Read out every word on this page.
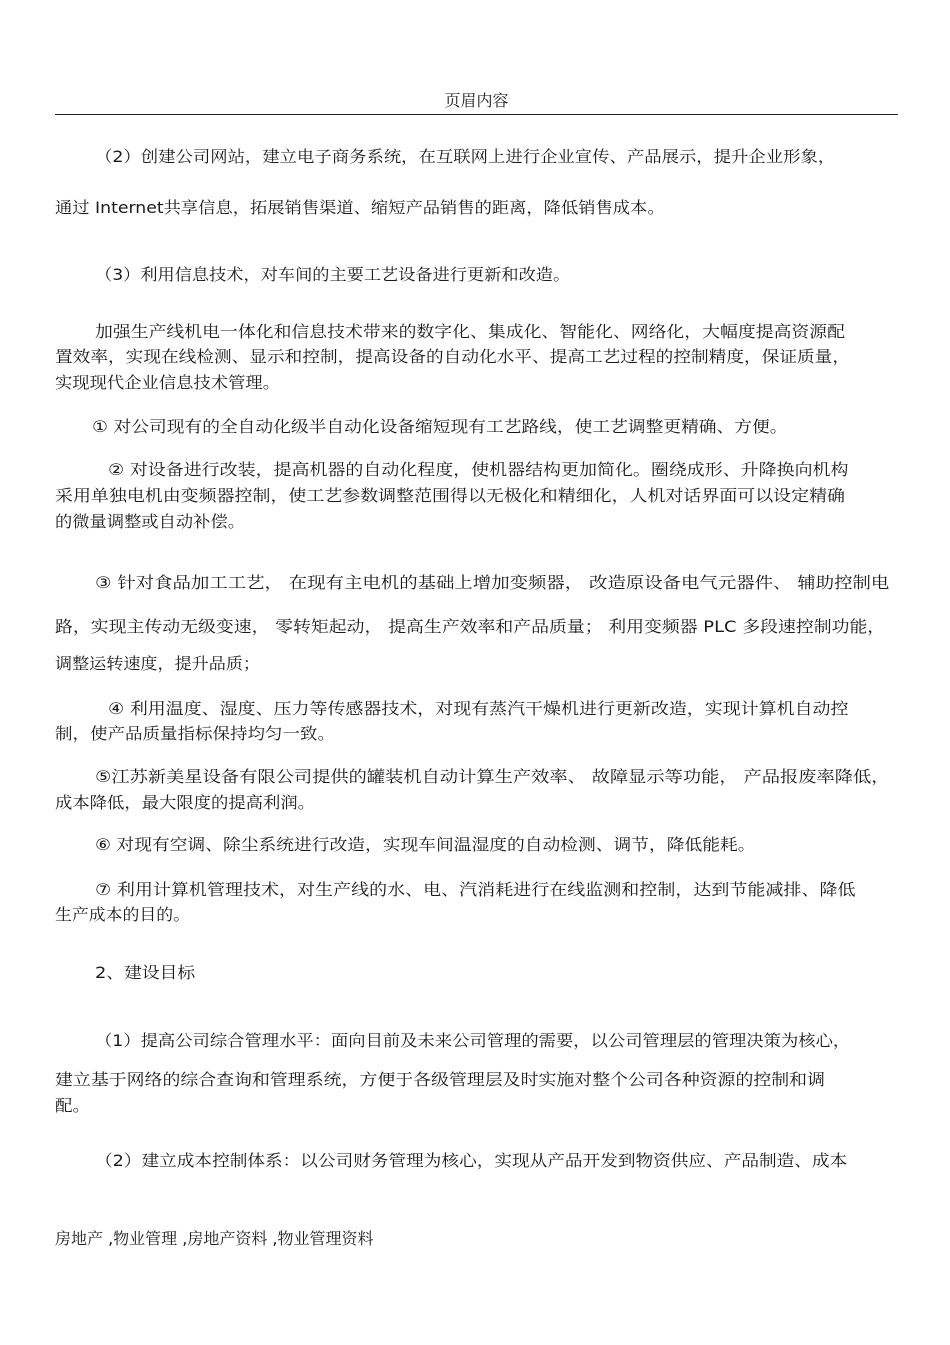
页眉内容
（2）创建公司网站，建立电子商务系统，在互联网上进行企业宣传、产品展示，提升企业形象，
通过 Internet共享信息，拓展销售渠道、缩短产品销售的距离，降低销售成本。
（3）利用信息技术，对车间的主要工艺设备进行更新和改造。
加强生产线机电一体化和信息技术带来的数字化、集成化、智能化、网络化，大幅度提高资源配
置效率，实现在线检测、显示和控制，提高设备的自动化水平、提高工艺过程的控制精度，保证质量，
实现现代企业信息技术管理。
① 对公司现有的全自动化级半自动化设备缩短现有工艺路线，使工艺调整更精确、方便。
② 对设备进行改装，提高机器的自动化程度，使机器结构更加简化。圈绕成形、升降换向机构
采用单独电机由变频器控制，使工艺参数调整范围得以无极化和精细化，人机对话界面可以设定精确
的微量调整或自动补偿。
③ 针对食品加工工艺， 在现有主电机的基础上增加变频器， 改造原设备电气元器件、 辅助控制电
路，实现主传动无级变速， 零转矩起动， 提高生产效率和产品质量； 利用变频器 PLC 多段速控制功能，
调整运转速度，提升品质；
④ 利用温度、湿度、压力等传感器技术，对现有蒸汽干燥机进行更新改造，实现计算机自动控
制，使产品质量指标保持均匀一致。
⑤江苏新美星设备有限公司提供的罐装机自动计算生产效率、 故障显示等功能， 产品报废率降低，
成本降低，最大限度的提高利润。
⑥ 对现有空调、除尘系统进行改造，实现车间温湿度的自动检测、调节，降低能耗。
⑦ 利用计算机管理技术，对生产线的水、电、汽消耗进行在线监测和控制，达到节能减排、降低
生产成本的目的。
2、建设目标
（1）提高公司综合管理水平：面向目前及未来公司管理的需要，以公司管理层的管理决策为核心，
建立基于网络的综合查询和管理系统，方便于各级管理层及时实施对整个公司各种资源的控制和调
配。
（2）建立成本控制体系：以公司财务管理为核心，实现从产品开发到物资供应、产品制造、成本
房地产 ,物业管理 ,房地产资料 ,物业管理资料
